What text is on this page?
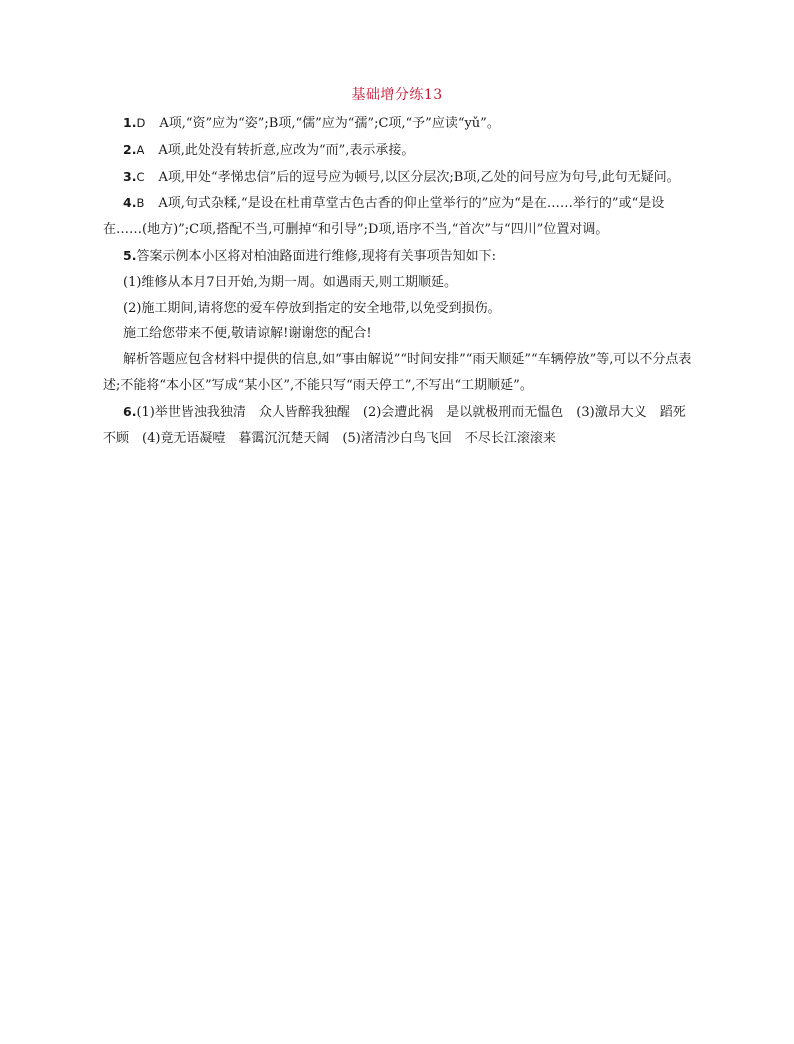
基础增分练13

1.D A项,“资”应为“姿”;B项,“儒”应为“孺”;C项,“予”应读“yǔ”。

2.A A项,此处没有转折意,应改为“而”,表示承接。

3.C A项,甲处“孝悌忠信”后的逗号应为顿号,以区分层次;B项,乙处的问号应为句号,此句无疑问。

4.B A项,句式杂糅,“是设在杜甫草堂古色古香的仰止堂举行的”应为“是在……举行的”或“是设在……(地方)”;C项,搭配不当,可删掉“和引导”;D项,语序不当,“首次”与“四川”位置对调。

5.答案示例本小区将对柏油路面进行维修,现将有关事项告知如下:

(1)维修从本月7日开始,为期一周。如遇雨天,则工期顺延。

(2)施工期间,请将您的爱车停放到指定的安全地带,以免受到损伤。

施工给您带来不便,敬请谅解!谢谢您的配合!

解析答题应包含材料中提供的信息,如“事由解说”“时间安排”“雨天顺延”“车辆停放”等,可以不分点表述;不能将“本小区”写成“某小区”,不能只写“雨天停工”,不写出“工期顺延”。

6.(1)举世皆浊我独清　众人皆醉我独醒　(2)会遭此祸　是以就极刑而无愠色　(3)激昂大义　蹈死不顾　(4)竟无语凝噎　暮霭沉沉楚天阔　(5)渚清沙白鸟飞回　不尽长江滚滚来
